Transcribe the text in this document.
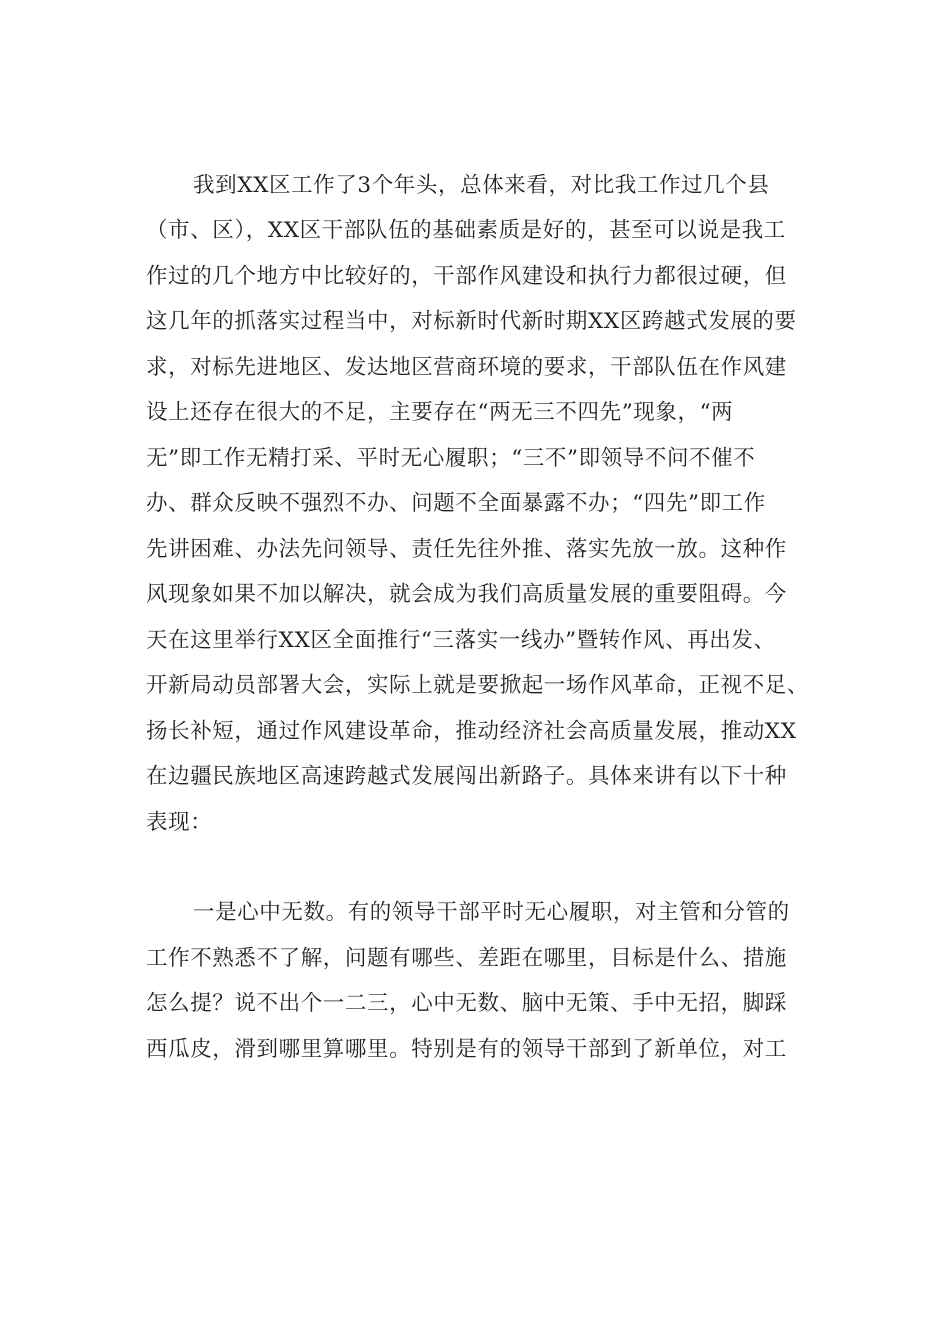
我到XX区工作了3个年头，总体来看，对比我工作过几个县

（市、区），XX区干部队伍的基础素质是好的，甚至可以说是我工

作过的几个地方中比较好的，干部作风建设和执行力都很过硬，但

这几年的抓落实过程当中，对标新时代新时期XX区跨越式发展的要

求，对标先进地区、发达地区营商环境的要求，干部队伍在作风建

设上还存在很大的不足，主要存在“两无三不四先”现象，“两

无”即工作无精打采、平时无心履职；“三不”即领导不问不催不

办、群众反映不强烈不办、问题不全面暴露不办；“四先”即工作

先讲困难、办法先问领导、责任先往外推、落实先放一放。这种作

风现象如果不加以解决，就会成为我们高质量发展的重要阻碍。今

天在这里举行XX区全面推行“三落实一线办”暨转作风、再出发、

开新局动员部署大会，实际上就是要掀起一场作风革命，正视不足、

扬长补短，通过作风建设革命，推动经济社会高质量发展，推动XX

在边疆民族地区高速跨越式发展闯出新路子。具体来讲有以下十种

表现：

一是心中无数。有的领导干部平时无心履职，对主管和分管的

工作不熟悉不了解，问题有哪些、差距在哪里，目标是什么、措施

怎么提？说不出个一二三，心中无数、脑中无策、手中无招，脚踩

西瓜皮，滑到哪里算哪里。特别是有的领导干部到了新单位，对工
